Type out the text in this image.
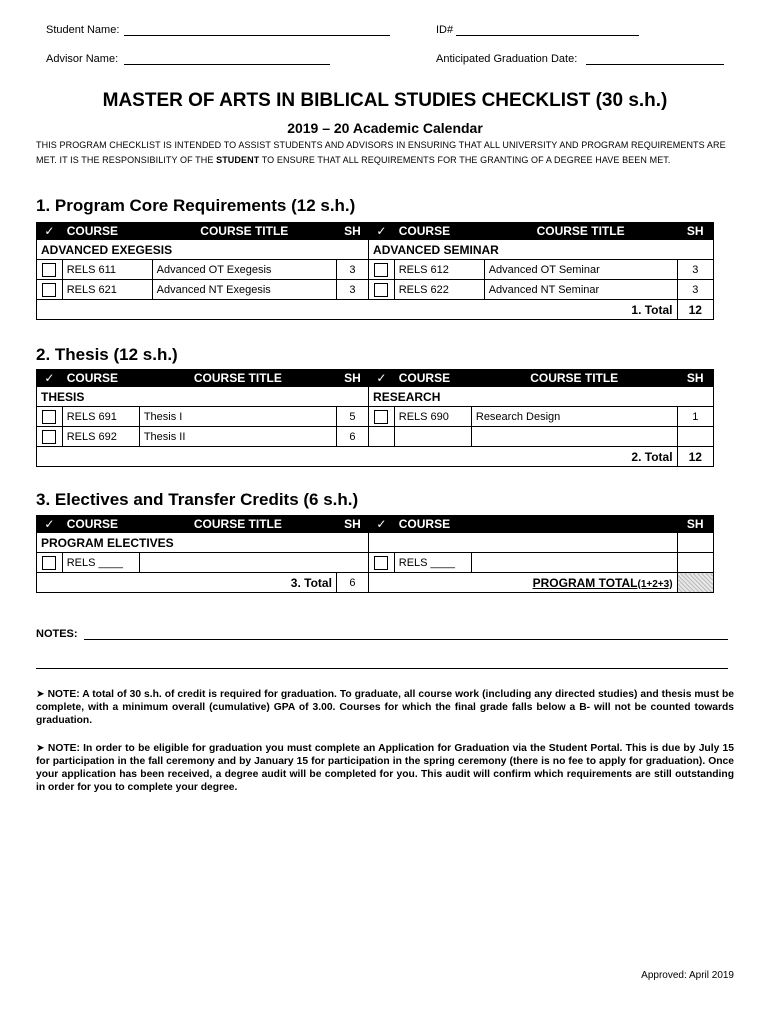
Student Name:	ID#
Advisor Name:	Anticipated Graduation Date:
MASTER OF ARTS IN BIBLICAL STUDIES CHECKLIST (30 s.h.)
2019 – 20 Academic Calendar
THIS PROGRAM CHECKLIST IS INTENDED TO ASSIST STUDENTS AND ADVISORS IN ENSURING THAT ALL UNIVERSITY AND PROGRAM REQUIREMENTS ARE MET. IT IS THE RESPONSIBILITY OF THE STUDENT TO ENSURE THAT ALL REQUIREMENTS FOR THE GRANTING OF A DEGREE HAVE BEEN MET.
1. Program Core Requirements (12 s.h.)
✓	COURSE	COURSE TITLE	SH	✓	COURSE	COURSE TITLE	SH
ADVANCED EXEGESIS				ADVANCED SEMINAR			
	RELS 611	Advanced OT Exegesis	3		RELS 612	Advanced OT Seminar	3
	RELS 621	Advanced NT Exegesis	3		RELS 622	Advanced NT Seminar	3
1. Total							12
2. Thesis (12 s.h.)
✓	COURSE	COURSE TITLE	SH	✓	COURSE	COURSE TITLE	SH
THESIS				RESEARCH			
	RELS 691	Thesis I	5		RELS 690	Research Design	1
	RELS 692	Thesis II	6				
2. Total							12
3. Electives and Transfer Credits (6 s.h.)
✓	COURSE	COURSE TITLE	SH	✓	COURSE		SH
PROGRAM ELECTIVES							
	RELS ____				RELS ____		
3. Total			6	PROGRAM TOTAL(1+2+3)			
NOTES:
➤ NOTE: A total of 30 s.h. of credit is required for graduation. To graduate, all course work (including any directed studies) and thesis must be complete, with a minimum overall (cumulative) GPA of 3.00. Courses for which the final grade falls below a B- will not be counted towards graduation.
➤ NOTE: In order to be eligible for graduation you must complete an Application for Graduation via the Student Portal. This is due by July 15 for participation in the fall ceremony and by January 15 for participation in the spring ceremony (there is no fee to apply for graduation). Once your application has been received, a degree audit will be completed for you. This audit will confirm which requirements are still outstanding in order for you to complete your degree.
Approved: April 2019
